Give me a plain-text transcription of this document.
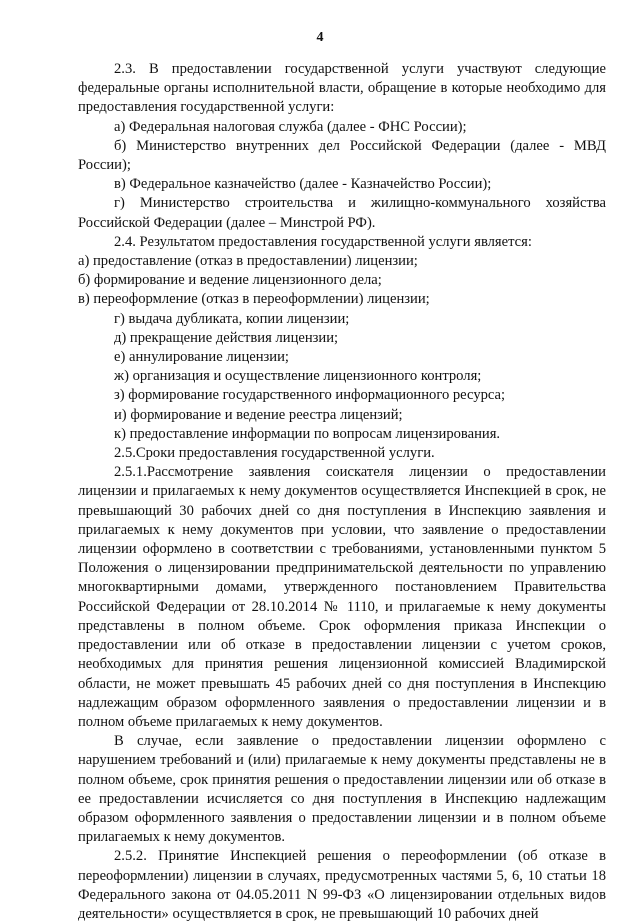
4

2.3. В предоставлении государственной услуги участвуют следующие федеральные органы исполнительной власти, обращение в которые необходимо для предоставления государственной услуги:

а) Федеральная налоговая служба (далее - ФНС России);

б) Министерство внутренних дел Российской Федерации (далее - МВД России);

в) Федеральное казначейство (далее - Казначейство России);

г) Министерство строительства и жилищно-коммунального хозяйства Российской Федерации (далее – Минстрой РФ).

2.4. Результатом предоставления государственной услуги является:

а) предоставление (отказ в предоставлении) лицензии;

б) формирование и ведение лицензионного дела;

в) переоформление (отказ в переоформлении) лицензии;

г) выдача дубликата, копии лицензии;

д) прекращение действия лицензии;

е) аннулирование лицензии;

ж) организация и осуществление лицензионного контроля;

з) формирование государственного информационного ресурса;

и) формирование и ведение реестра лицензий;

к) предоставление информации по вопросам лицензирования.

2.5.Сроки предоставления государственной услуги.

2.5.1.Рассмотрение заявления соискателя лицензии о предоставлении лицензии и прилагаемых к нему документов осуществляется Инспекцией в срок, не превышающий 30 рабочих дней со дня поступления в Инспекцию заявления и прилагаемых к нему документов при условии, что заявление о предоставлении лицензии оформлено в соответствии с требованиями, установленными пунктом 5 Положения о лицензировании предпринимательской деятельности по управлению многоквартирными домами, утвержденного постановлением Правительства Российской Федерации от 28.10.2014 № 1110, и прилагаемые к нему документы представлены в полном объеме. Срок оформления приказа Инспекции о предоставлении или об отказе в предоставлении лицензии с учетом сроков, необходимых для принятия решения лицензионной комиссией Владимирской области, не может превышать 45 рабочих дней со дня поступления в Инспекцию надлежащим образом оформленного заявления о предоставлении лицензии и в полном объеме прилагаемых к нему документов.

В случае, если заявление о предоставлении лицензии оформлено с нарушением требований и (или) прилагаемые к нему документы представлены не в полном объеме, срок принятия решения о предоставлении лицензии или об отказе в ее предоставлении исчисляется со дня поступления в Инспекцию надлежащим образом оформленного заявления о предоставлении лицензии и в полном объеме прилагаемых к нему документов.

2.5.2. Принятие Инспекцией решения о переоформлении (об отказе в переоформлении) лицензии в случаях, предусмотренных частями 5, 6, 10 статьи 18 Федерального закона от 04.05.2011 N 99-ФЗ «О лицензировании отдельных видов деятельности» осуществляется в срок, не превышающий 10 рабочих дней
